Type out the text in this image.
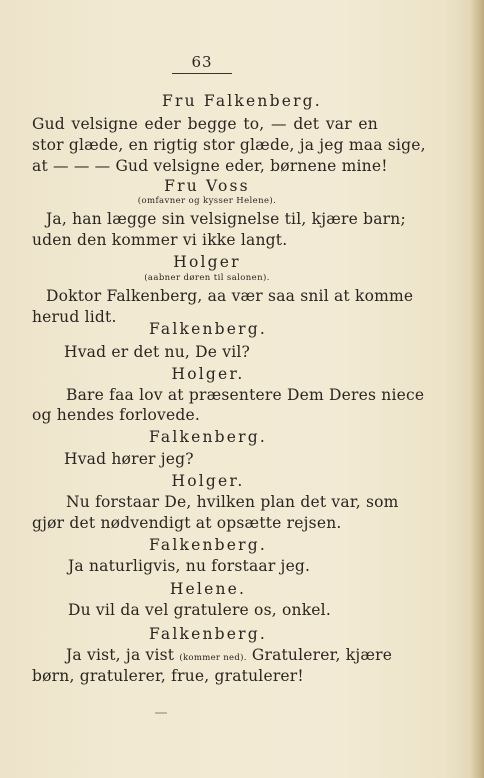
63
Fru Falkenberg.
Gud velsigne eder begge to, — det var en
stor glæde, en rigtig stor glæde, ja jeg maa sige,
at — — — Gud velsigne eder, børnene mine!
Fru Voss
(omfavner og kysser Helene).
Ja, han lægge sin velsignelse til, kjære barn;
uden den kommer vi ikke langt.
Holger
(aabner døren til salonen).
Doktor Falkenberg, aa vær saa snil at komme
herud lidt.
Falkenberg.
Hvad er det nu, De vil?
Holger.
Bare faa lov at præsentere Dem Deres niece
og hendes forlovede.
Falkenberg.
Hvad hører jeg?
Holger.
Nu forstaar De, hvilken plan det var, som
gjør det nødvendigt at opsætte rejsen.
Falkenberg.
Ja naturligvis, nu forstaar jeg.
Helene.
Du vil da vel gratulere os, onkel.
Falkenberg.
Ja vist, ja vist (kommer ned). Gratulerer, kjære
børn, gratulerer, frue, gratulerer!
